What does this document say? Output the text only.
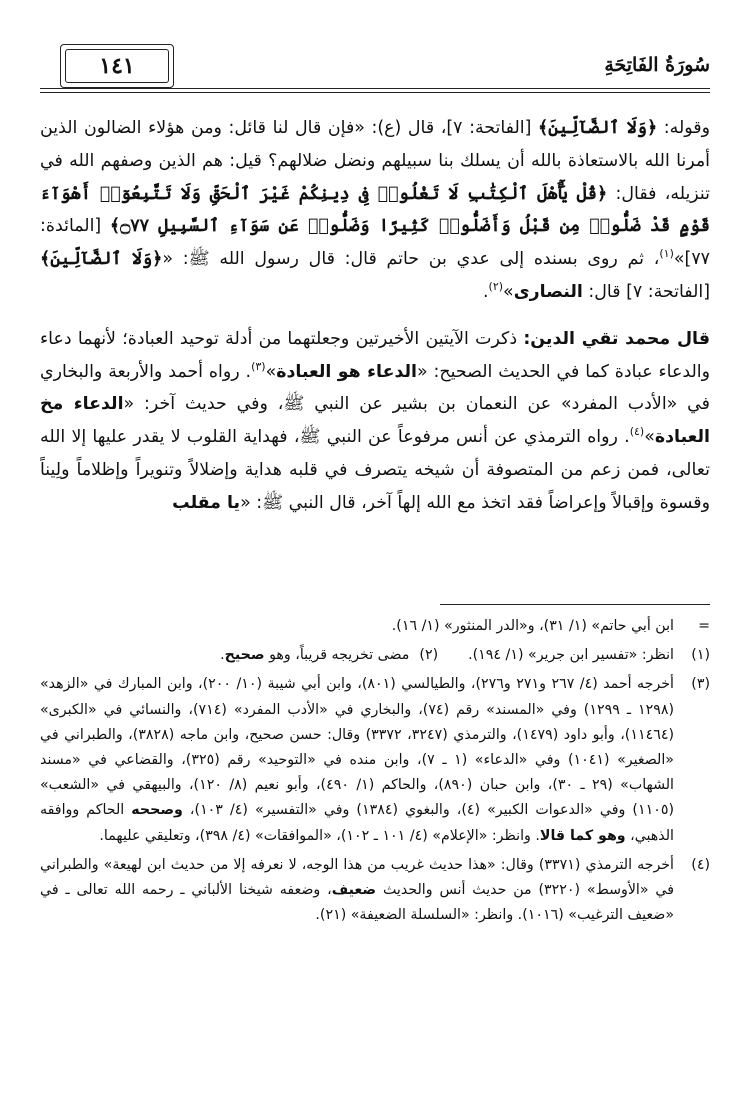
سُورَةُ الفَاتِحَةِ
١٤١

وقوله: ﴿وَلَا ٱلضَّآلِّينَ﴾ [الفاتحة: ٧]، قال (ع): «فإن قال لنا قائل: ومن هؤلاء الضالون الذين أمرنا الله بالاستعاذة بالله أن يسلك بنا سبيلهم ونضل ضلالهم؟ قيل: هم الذين وصفهم الله في تنزيله، فقال: ﴿قُلْ يَٰٓأَهْلَ ٱلْكِتَٰبِ لَا تَغْلُوا۟ فِى دِينِكُمْ غَيْرَ ٱلْحَقِّ وَلَا تَتَّبِعُوٓا۟ أَهْوَآءَ قَوْمٍ قَدْ ضَلُّوا۟ مِن قَبْلُ وَأَضَلُّوا۟ كَثِيرًا وَضَلُّوا۟ عَن سَوَآءِ ٱلسَّبِيلِ ۝٧٧﴾ [المائدة: ٧٧]»$^{(١)}$، ثم روى بسنده إلى عدي بن حاتم قال: قال رسول الله ﷺ: «﴿وَلَا ٱلضَّآلِّينَ﴾ [الفاتحة: ٧] قال: النصارى»$^{(٢)}$.

قال محمد تقي الدين: ذكرت الآيتين الأخيرتين وجعلتهما من أدلة توحيد العبادة؛ لأنهما دعاء والدعاء عبادة كما في الحديث الصحيح: «الدعاء هو العبادة»$^{(٣)}$. رواه أحمد والأربعة والبخاري في «الأدب المفرد» عن النعمان بن بشير عن النبي ﷺ، وفي حديث آخر: «الدعاء مخ العبادة»$^{(٤)}$. رواه الترمذي عن أنس مرفوعاً عن النبي ﷺ، فهداية القلوب لا يقدر عليها إلا الله تعالى، فمن زعم من المتصوفة أن شيخه يتصرف في قلبه هداية وإضلالاً وتنويراً وإظلاماً ولِيناً وقسوة وإقبالاً وإعراضاً فقد اتخذ مع الله إلهاً آخر، قال النبي ﷺ: «يا مقلب

=
ابن أبي حاتم» (١/ ٣١)، و«الدر المنثور» (١/ ١٦).
(١)
انظر: «تفسير ابن جرير» (١/ ١٩٤).(٢)مضى تخريجه قريباً، وهو صحيح.
(٣)
أخرجه أحمد (٤/ ٢٦٧ و٢٧١ و٢٧٦)، والطيالسي (٨٠١)، وابن أبي شيبة (١٠/ ٢٠٠)، وابن المبارك في «الزهد» (١٢٩٨ ـ ١٢٩٩) وفي «المسند» رقم (٧٤)، والبخاري في «الأدب المفرد» (٧١٤)، والنسائي في «الكبرى» (١١٤٦٤)، وأبو داود (١٤٧٩)، والترمذي (٣٢٤٧، ٣٣٧٢) وقال: حسن صحيح، وابن ماجه (٣٨٢٨)، والطبراني في «الصغير» (١٠٤١) وفي «الدعاء» (١ ـ ٧)، وابن منده في «التوحيد» رقم (٣٢٥)، والقضاعي في «مسند الشهاب» (٢٩ ـ ٣٠)، وابن حبان (٨٩٠)، والحاكم (١/ ٤٩٠)، وأبو نعيم (٨/ ١٢٠)، والبيهقي في «الشعب» (١١٠٥) وفي «الدعوات الكبير» (٤)، والبغوي (١٣٨٤) وفي «التفسير» (٤/ ١٠٣)، وصححه الحاكم ووافقه الذهبي، وهو كما قالا. وانظر: «الإعلام» (٤/ ١٠١ ـ ١٠٢)، «الموافقات» (٤/ ٣٩٨)، وتعليقي عليهما.
(٤)
أخرجه الترمذي (٣٣٧١) وقال: «هذا حديث غريب من هذا الوجه، لا نعرفه إلا من حديث ابن لهيعة» والطبراني في «الأوسط» (٣٢٢٠) من حديث أنس والحديث ضعيف، وضعفه شيخنا الألباني ـ رحمه الله تعالى ـ في «ضعيف الترغيب» (١٠١٦). وانظر: «السلسلة الضعيفة» (٢١).
